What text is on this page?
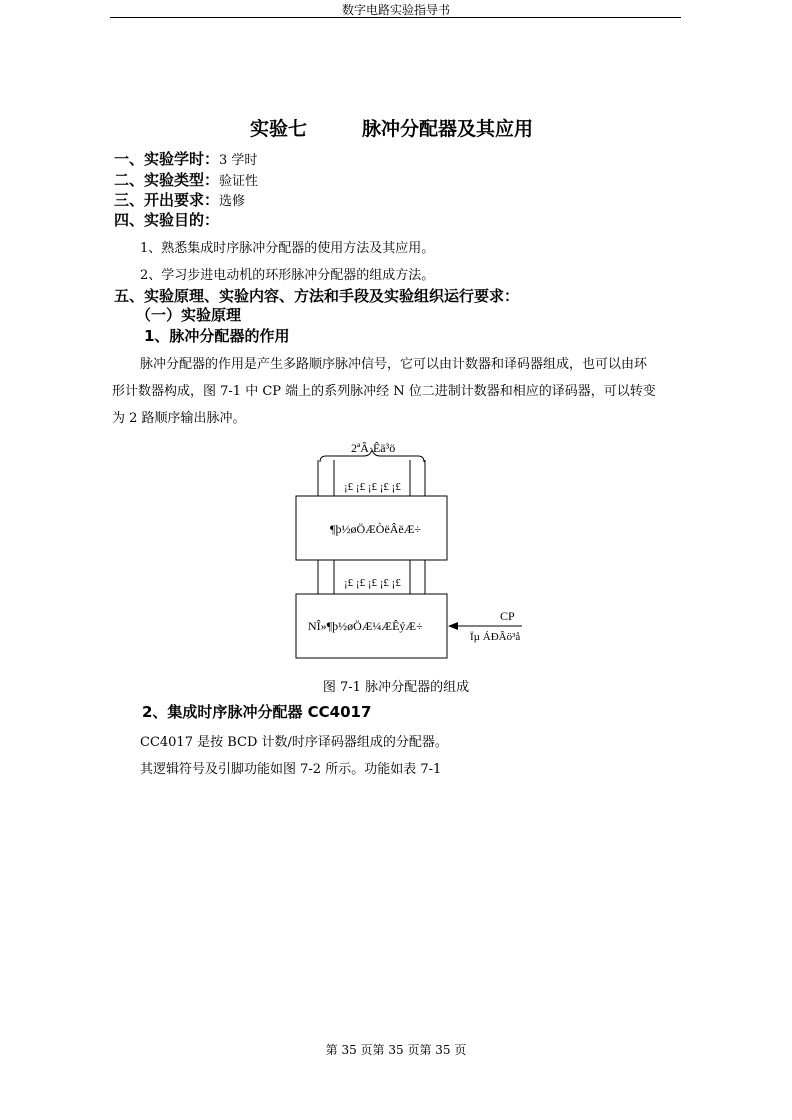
数字电路实验指导书
实验七	脉冲分配器及其应用
一、实验学时：3 学时
二、实验类型：验证性
三、开出要求：选修
四、实验目的：
1、熟悉集成时序脉冲分配器的使用方法及其应用。
2、学习步进电动机的环形脉冲分配器的组成方法。
五、实验原理、实验内容、方法和手段及实验组织运行要求：
（一）实验原理
1、脉冲分配器的作用
脉冲分配器的作用是产生多路顺序脉冲信号，它可以由计数器和译码器组成，也可以由环
形计数器构成，图 7-1 中 CP 端上的系列脉冲经 N 位二进制计数器和相应的译码器，可以转变
为 2 路顺序输出脉冲。
2ªÂ·Êä³ö
¡£ ¡£ ¡£ ¡£ ¡£
¶þ½øÖÆÒëÂëÆ÷
¡£ ¡£ ¡£ ¡£ ¡£
NÎ»¶þ½øÖÆ¼ÆÊýÆ÷
CP
Ïµ ÁÐÂö³å
图 7-1 脉冲分配器的组成
2、集成时序脉冲分配器 CC4017
CC4017 是按 BCD 计数/时序译码器组成的分配器。
其逻辑符号及引脚功能如图 7-2 所示。功能如表 7-1
第 35 页第 35 页第 35 页
